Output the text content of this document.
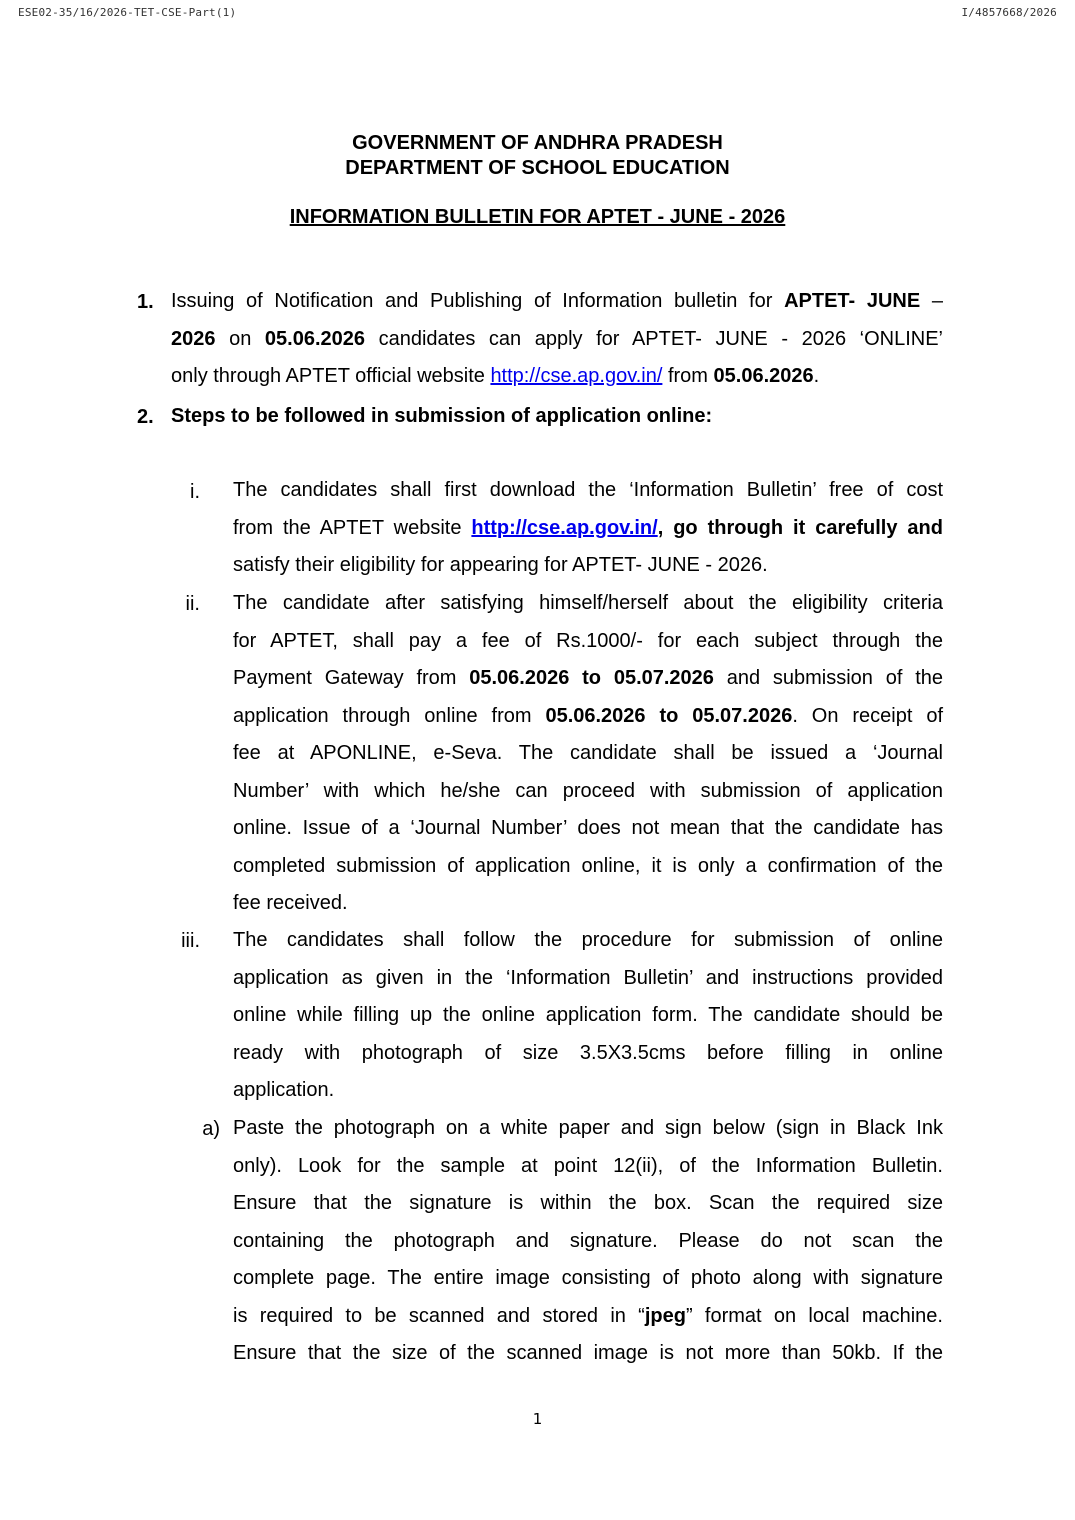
ESE02-35/16/2026-TET-CSE-Part(1)	I/4857668/2026
GOVERNMENT OF ANDHRA PRADESH
DEPARTMENT OF SCHOOL EDUCATION
INFORMATION BULLETIN FOR APTET - JUNE - 2026
1. Issuing of Notification and Publishing of Information bulletin for APTET- JUNE –
2026 on 05.06.2026 candidates can apply for APTET- JUNE - 2026 ‘ONLINE’
only through APTET official website http://cse.ap.gov.in/ from 05.06.2026.
2. Steps to be followed in submission of application online:
i. The candidates shall first download the ‘Information Bulletin’ free of cost
from the APTET website http://cse.ap.gov.in/, go through it carefully and
satisfy their eligibility for appearing for APTET- JUNE - 2026.
ii. The candidate after satisfying himself/herself about the eligibility criteria
for APTET, shall pay a fee of Rs.1000/- for each subject through the
Payment Gateway from 05.06.2026 to 05.07.2026 and submission of the
application through online from 05.06.2026 to 05.07.2026. On receipt of
fee at APONLINE, e-Seva. The candidate shall be issued a ‘Journal
Number’ with which he/she can proceed with submission of application
online. Issue of a ‘Journal Number’ does not mean that the candidate has
completed submission of application online, it is only a confirmation of the
fee received.
iii. The candidates shall follow the procedure for submission of online
application as given in the ‘Information Bulletin’ and instructions provided
online while filling up the online application form. The candidate should be
ready with photograph of size 3.5X3.5cms before filling in online
application.
a) Paste the photograph on a white paper and sign below (sign in Black Ink
only). Look for the sample at point 12(ii), of the Information Bulletin.
Ensure that the signature is within the box. Scan the required size
containing the photograph and signature. Please do not scan the
complete page. The entire image consisting of photo along with signature
is required to be scanned and stored in “jpeg” format on local machine.
Ensure that the size of the scanned image is not more than 50kb. If the
1
